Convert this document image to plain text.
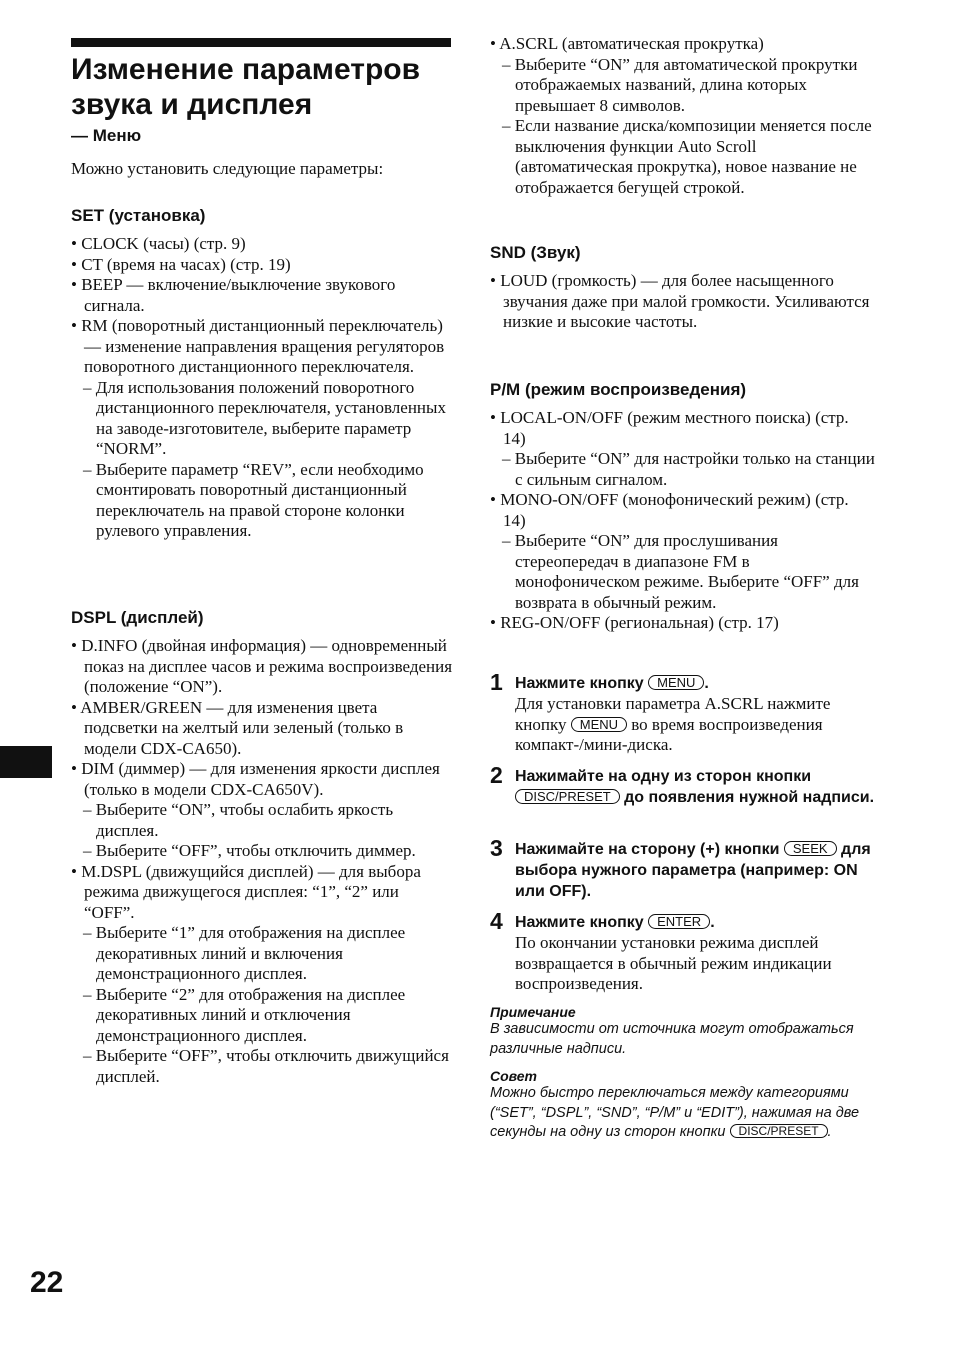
Изменение параметров звука и дисплея
— Меню
22

Можно установить следующие параметры:

SET (установка)

• CLOCK (часы) (стр. 9)

• CT (время на часах) (стр. 19)

• BEEP — включение/выключение звукового сигнала.

• RM (поворотный дистанционный переключатель) — изменение направления вращения регуляторов поворотного дистанционного переключателя.

– Для использования положений поворотного дистанционного переключателя, установленных на заводе-изготовителе, выберите параметр “NORM”.

– Выберите параметр “REV”, если необходимо смонтировать поворотный дистанционный переключатель на правой стороне колонки рулевого управления.

DSPL (дисплей)

• D.INFO (двойная информация) — одновременный показ на дисплее часов и режима воспроизведения (положение “ON”).

• AMBER/GREEN — для изменения цвета подсветки на желтый или зеленый (только в модели CDX-CA650).

• DIM (диммер) — для изменения яркости дисплея (только в модели CDX-CA650V).

– Выберите “ON”, чтобы ослабить яркость дисплея.

– Выберите “OFF”, чтобы отключить диммер.

• M.DSPL (движущийся дисплей) — для выбора режима движущегося дисплея: “1”, “2” или “OFF”.

– Выберите “1” для отображения на дисплее декоративных линий и включения демонстрационного дисплея.

– Выберите “2” для отображения на дисплее декоративных линий и отключения демонстрационного дисплея.

– Выберите “OFF”, чтобы отключить движущийся дисплей.

• A.SCRL (автоматическая прокрутка)

– Выберите “ON” для автоматической прокрутки отображаемых названий, длина которых превышает 8 символов.

– Если название диска/композиции меняется после выключения функции Auto Scroll (автоматическая прокрутка), новое название не отображается бегущей строкой.

SND (Звук)

• LOUD (громкость) — для более насыщенного звучания даже при малой громкости. Усиливаются низкие и высокие частоты.

P/M (режим воспроизведения)

• LOCAL-ON/OFF (режим местного поиска) (стр. 14)

– Выберите “ON” для настройки только на станции с сильным сигналом.

• MONO-ON/OFF (монофонический режим) (стр. 14)

– Выберите “ON” для прослушивания стереопередач в диапазоне FM в монофоническом режиме. Выберите “OFF” для возврата в обычный режим.

• REG-ON/OFF (региональная) (стр. 17)

1 Нажмите кнопку MENU .

Для установки параметра A.SCRL нажмите кнопку MENU во время воспроизведения компакт-/мини-диска.

2 Нажимайте на одну из сторон кнопки DISC/PRESET до появления нужной надписи.

3 Нажимайте на сторону (+) кнопки SEEK для выбора нужного параметра (например: ON или OFF).

4 Нажмите кнопку ENTER .

По окончании установки режима дисплей возвращается в обычный режим индикации воспроизведения.

Примечание

В зависимости от источника могут отображаться различные надписи.

Совет

Можно быстро переключаться между категориями (“SET”, “DSPL”, “SND”, “P/M” и “EDIT”), нажимая на две секунды на одну из сторон кнопки DISC/PRESET .
